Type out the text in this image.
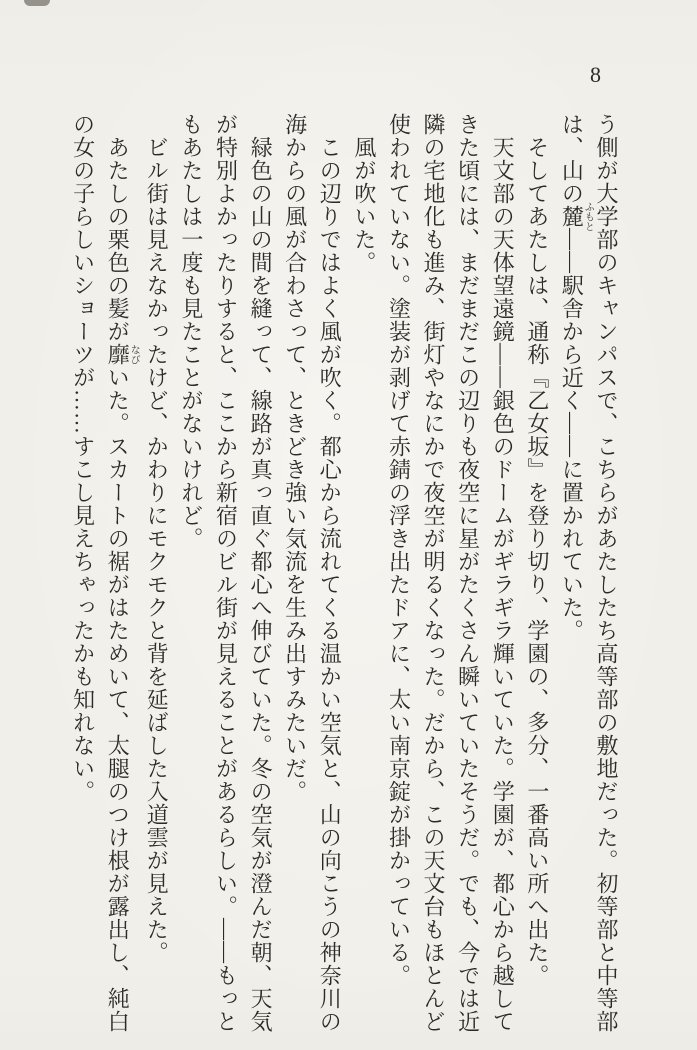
8

う側が大学部のキャンパスで、こちらがあたしたち高等部の敷地だった。初等部と中等部は、山の麓ふもと――駅舎から近く――に置かれていた。

そしてあたしは、通称『乙女坂』を登り切り、学園の、多分、一番高い所へ出た。

天文部の天体望遠鏡――銀色のドームがギラギラ輝いていた。学園が、都心から越してきた頃には、まだまだこの辺りも夜空に星がたくさん瞬いていたそうだ。でも、今では近隣の宅地化も進み、街灯やなにかで夜空が明るくなった。だから、この天文台もほとんど使われていない。塗装が剥げて赤錆の浮き出たドアに、太い南京錠が掛かっている。

風が吹いた。

この辺りではよく風が吹く。都心から流れてくる温かい空気と、山の向こうの神奈川の海からの風が合わさって、ときどき強い気流を生み出すみたいだ。

緑色の山の間を縫って、線路が真っ直ぐ都心へ伸びていた。冬の空気が澄んだ朝、天気が特別よかったりすると、ここから新宿のビル街が見えることがあるらしい。――もっともあたしは一度も見たことがないけれど。

ビル街は見えなかったけど、かわりにモクモクと背を延ばした入道雲が見えた。

あたしの栗色の髪が靡なびいた。スカートの裾がはためいて、太腿のつけ根が露出し、純白の女の子らしいショーツが……すこし見えちゃったかも知れない。
